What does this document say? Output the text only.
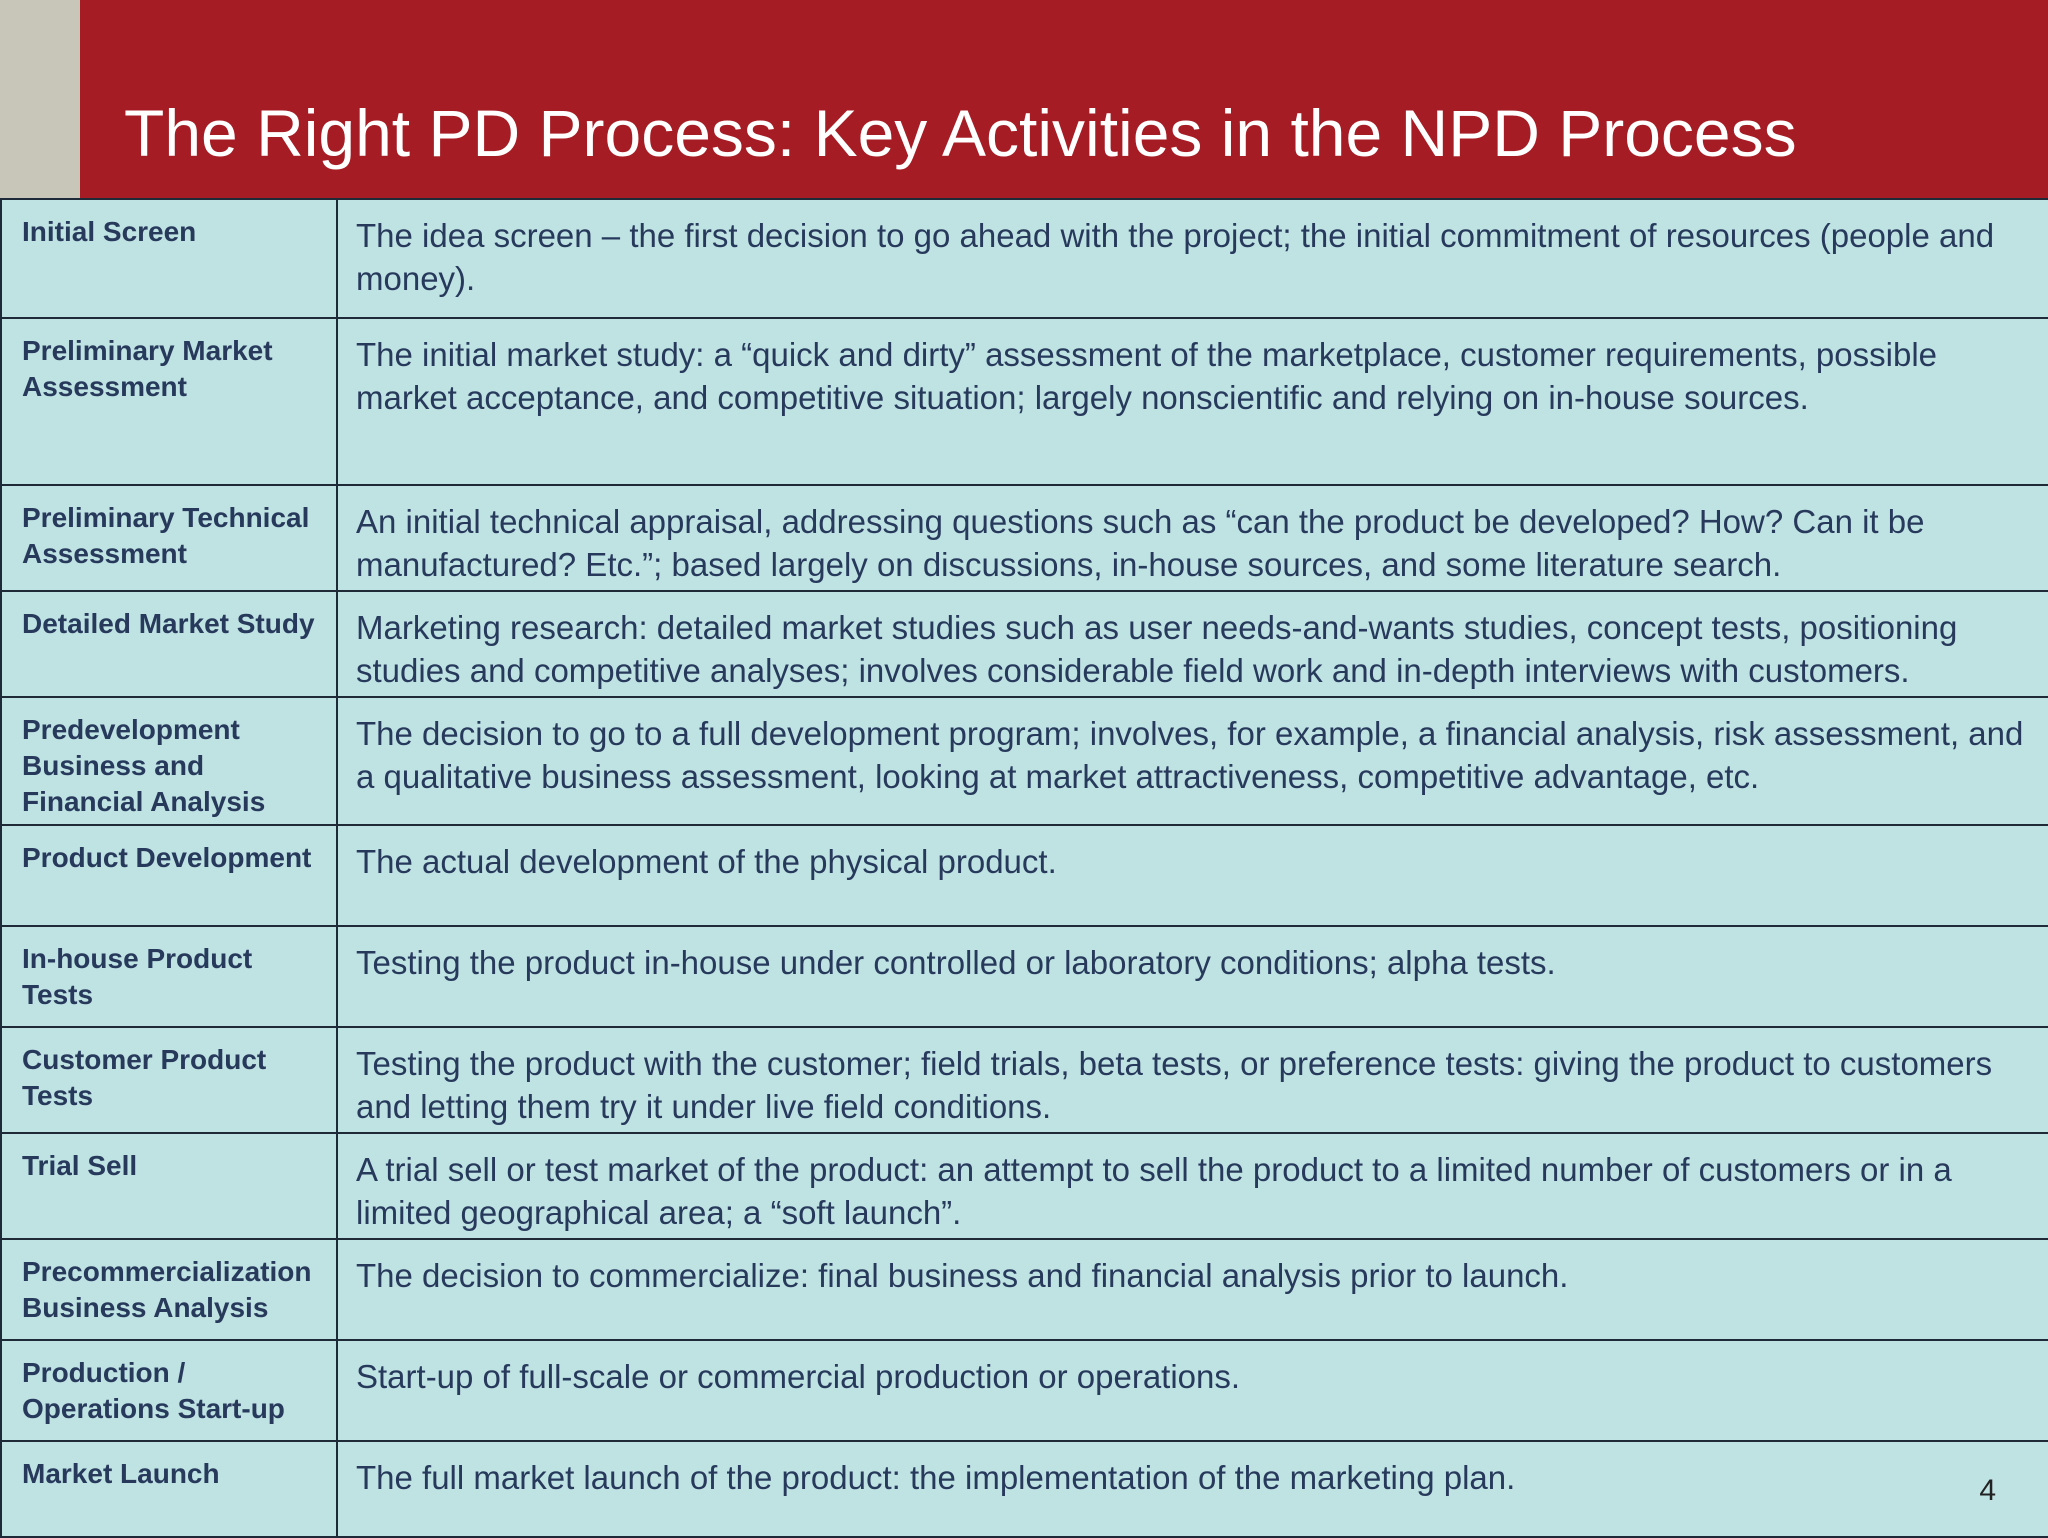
The Right PD Process: Key Activities in the NPD Process
Initial Screen	The idea screen – the first decision to go ahead with the project; the initial commitment of resources (people and money).
Preliminary Market Assessment	The initial market study: a “quick and dirty” assessment of the marketplace, customer requirements, possible market acceptance, and competitive situation; largely nonscientific and relying on in-house sources.
Preliminary Technical Assessment	An initial technical appraisal, addressing questions such as “can the product be developed? How? Can it be manufactured? Etc.”; based largely on discussions, in-house sources, and some literature search.
Detailed Market Study	Marketing research: detailed market studies such as user needs-and-wants studies, concept tests, positioning studies and competitive analyses; involves considerable field work and in-depth interviews with customers.
Predevelopment Business and Financial Analysis	The decision to go to a full development program; involves, for example, a financial analysis, risk assessment, and a qualitative business assessment, looking at market attractiveness, competitive advantage, etc.
Product Development	The actual development of the physical product.
In-house Product Tests	Testing the product in-house under controlled or laboratory conditions; alpha tests.
Customer Product Tests	Testing the product with the customer; field trials, beta tests, or preference tests: giving the product to customers and letting them try it under live field conditions.
Trial Sell	A trial sell or test market of the product: an attempt to sell the product to a limited number of customers or in a limited geographical area; a “soft launch”.
Precommercialization Business Analysis	The decision to commercialize: final business and financial analysis prior to launch.
Production / Operations Start-up	Start-up of full-scale or commercial production or operations.
Market Launch	The full market launch of the product: the implementation of the marketing plan.	4
